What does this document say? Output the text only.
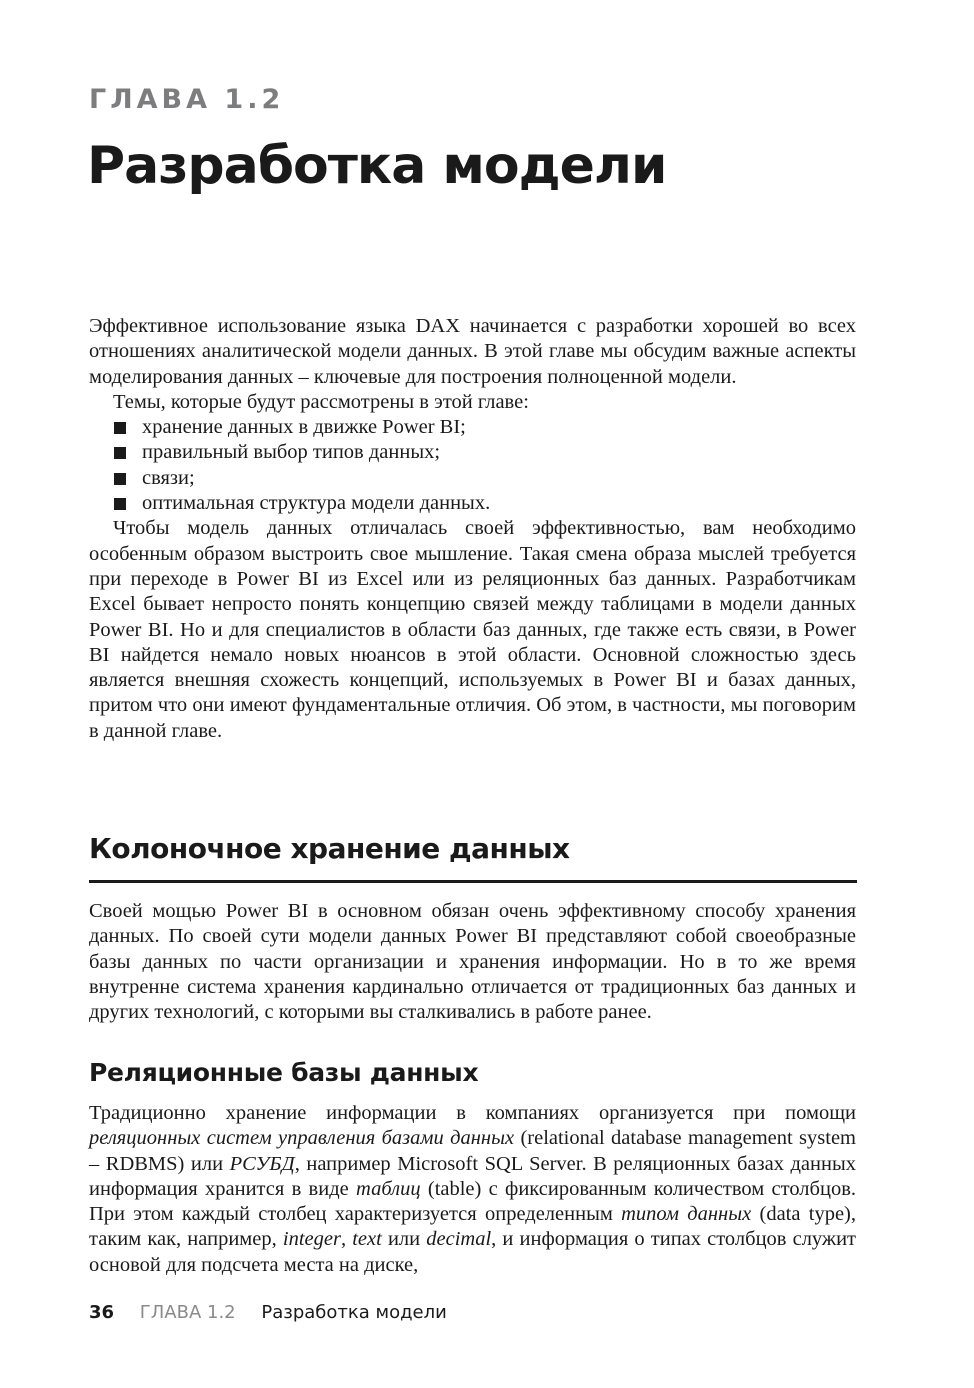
ГЛАВА 1.2
Разработка модели

Эффективное использование языка DAX начинается с разработки хорошей во всех отношениях аналитической модели данных. В этой главе мы обсудим важные аспекты моделирования данных – ключевые для построения полноценной модели.

Темы, которые будут рассмотрены в этой главе:

хранение данных в движке Power BI;
правильный выбор типов данных;
связи;
оптимальная структура модели данных.

Чтобы модель данных отличалась своей эффективностью, вам необходимо особенным образом выстроить свое мышление. Такая смена образа мыслей требуется при переходе в Power BI из Excel или из реляционных баз данных. Разработчикам Excel бывает непросто понять концепцию связей между таблицами в модели данных Power BI. Но и для специалистов в области баз данных, где также есть связи, в Power BI найдется немало новых нюансов в этой области. Основной сложностью здесь является внешняя схожесть концепций, используемых в Power BI и базах данных, притом что они имеют фундаментальные отличия. Об этом, в частности, мы поговорим в данной главе.

Колоночное хранение данных

Своей мощью Power BI в основном обязан очень эффективному способу хранения данных. По своей сути модели данных Power BI представляют собой своеобразные базы данных по части организации и хранения информации. Но в то же время внутренне система хранения кардинально отличается от традиционных баз данных и других технологий, с которыми вы сталкивались в работе ранее.

Реляционные базы данных

Традиционно хранение информации в компаниях организуется при помощи реляционных систем управления базами данных (relational database management system – RDBMS) или РСУБД, например Microsoft SQL Server. В реляционных базах данных информация хранится в виде таблиц (table) с фиксированным количеством столбцов. При этом каждый столбец характеризуется определенным типом данных (data type), таким как, например, integer, text или decimal, и информация о типах столбцов служит основой для подсчета места на диске,

36 ГЛАВА 1.2 Разработка модели
